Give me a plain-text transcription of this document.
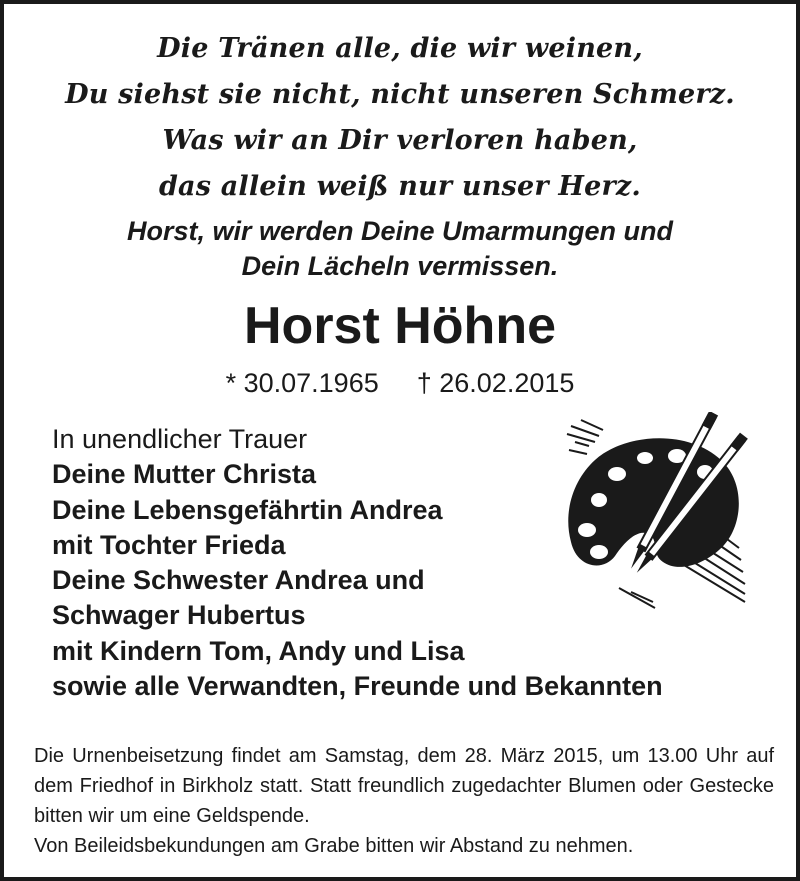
Die Tränen alle, die wir weinen,
Du siehst sie nicht, nicht unseren Schmerz.
Was wir an Dir verloren haben,
das allein weiß nur unser Herz.
Horst, wir werden Deine Umarmungen und
Dein Lächeln vermissen.
Horst Höhne
* 30.07.1965 † 26.02.2015
In unendlicher Trauer
Deine Mutter Christa
Deine Lebensgefährtin Andrea
mit Tochter Frieda
Deine Schwester Andrea und
Schwager Hubertus
mit Kindern Tom, Andy und Lisa
sowie alle Verwandten, Freunde und Bekannten

Die Urnenbeisetzung findet am Samstag, dem 28. März 2015, um 13.00 Uhr auf dem Friedhof in Birkholz statt. Statt freundlich zugedachter Blumen oder Gestecke bitten wir um eine Geldspende.

Von Beileidsbekundungen am Grabe bitten wir Abstand zu nehmen.
